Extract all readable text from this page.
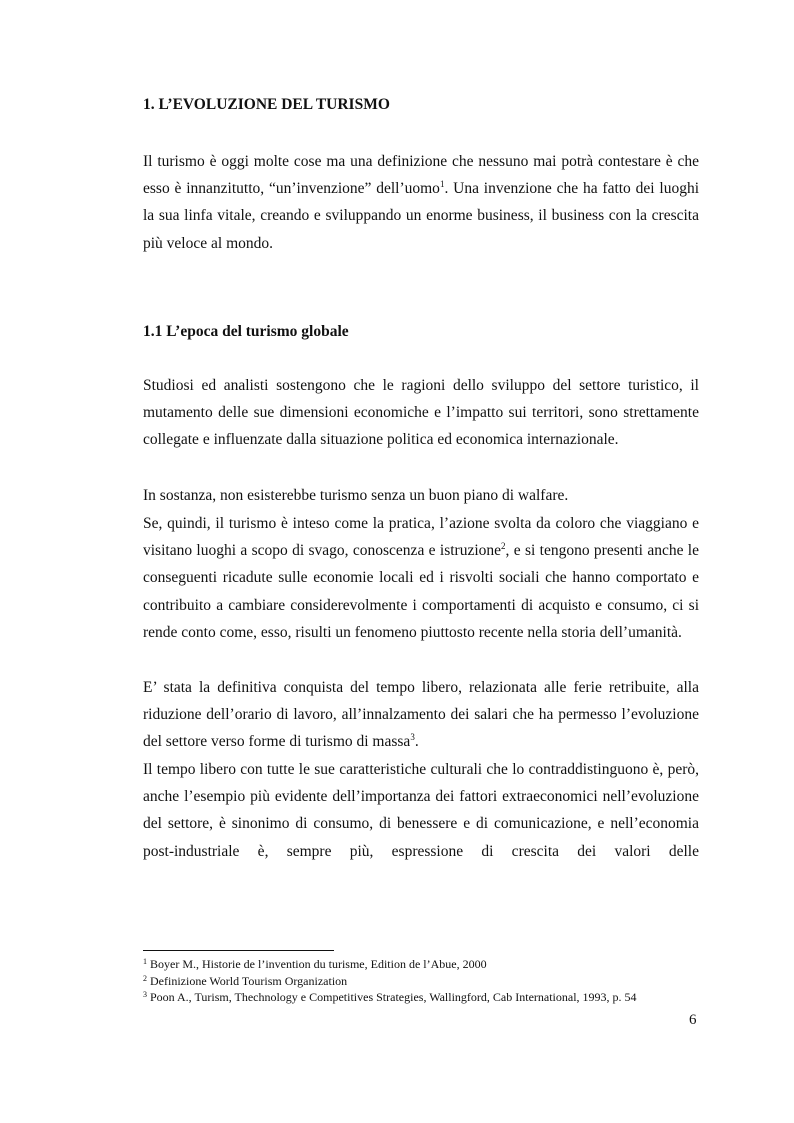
1. L’EVOLUZIONE DEL TURISMO

Il turismo è oggi molte cose ma una definizione che nessuno mai potrà contestare è che esso è innanzitutto, “un’invenzione” dell’uomo$^1$. Una invenzione che ha fatto dei luoghi la sua linfa vitale, creando e sviluppando un enorme business, il business con la crescita più veloce al mondo.

1.1 L’epoca del turismo globale

Studiosi ed analisti sostengono che le ragioni dello sviluppo del settore turistico, il mutamento delle sue dimensioni economiche e l’impatto sui territori, sono strettamente collegate e influenzate dalla situazione politica ed economica internazionale.

In sostanza, non esisterebbe turismo senza un buon piano di walfare.

Se, quindi, il turismo è inteso come la pratica, l’azione svolta da coloro che viaggiano e visitano luoghi a scopo di svago, conoscenza e istruzione$^2$, e si tengono presenti anche le conseguenti ricadute sulle economie locali ed i risvolti sociali che hanno comportato e contribuito a cambiare considerevolmente i comportamenti di acquisto e consumo, ci si rende conto come, esso, risulti un fenomeno piuttosto recente nella storia dell’umanità.

E’ stata la definitiva conquista del tempo libero, relazionata alle ferie retribuite, alla riduzione dell’orario di lavoro, all’innalzamento dei salari che ha permesso l’evoluzione del settore verso forme di turismo di massa$^3$.

Il tempo libero con tutte le sue caratteristiche culturali che lo contraddistinguono è, però, anche l’esempio più evidente dell’importanza dei fattori extraeconomici nell’evoluzione del settore, è sinonimo di consumo, di benessere e di comunicazione, e nell’economia post-industriale è, sempre più, espressione di crescita dei valori delle

$^1$ Boyer M., Historie de l’invention du turisme, Edition de l’Abue, 2000
$^2$ Definizione World Tourism Organization
$^3$ Poon A., Turism, Thechnology e Competitives Strategies, Wallingford, Cab International, 1993, p. 54
6
